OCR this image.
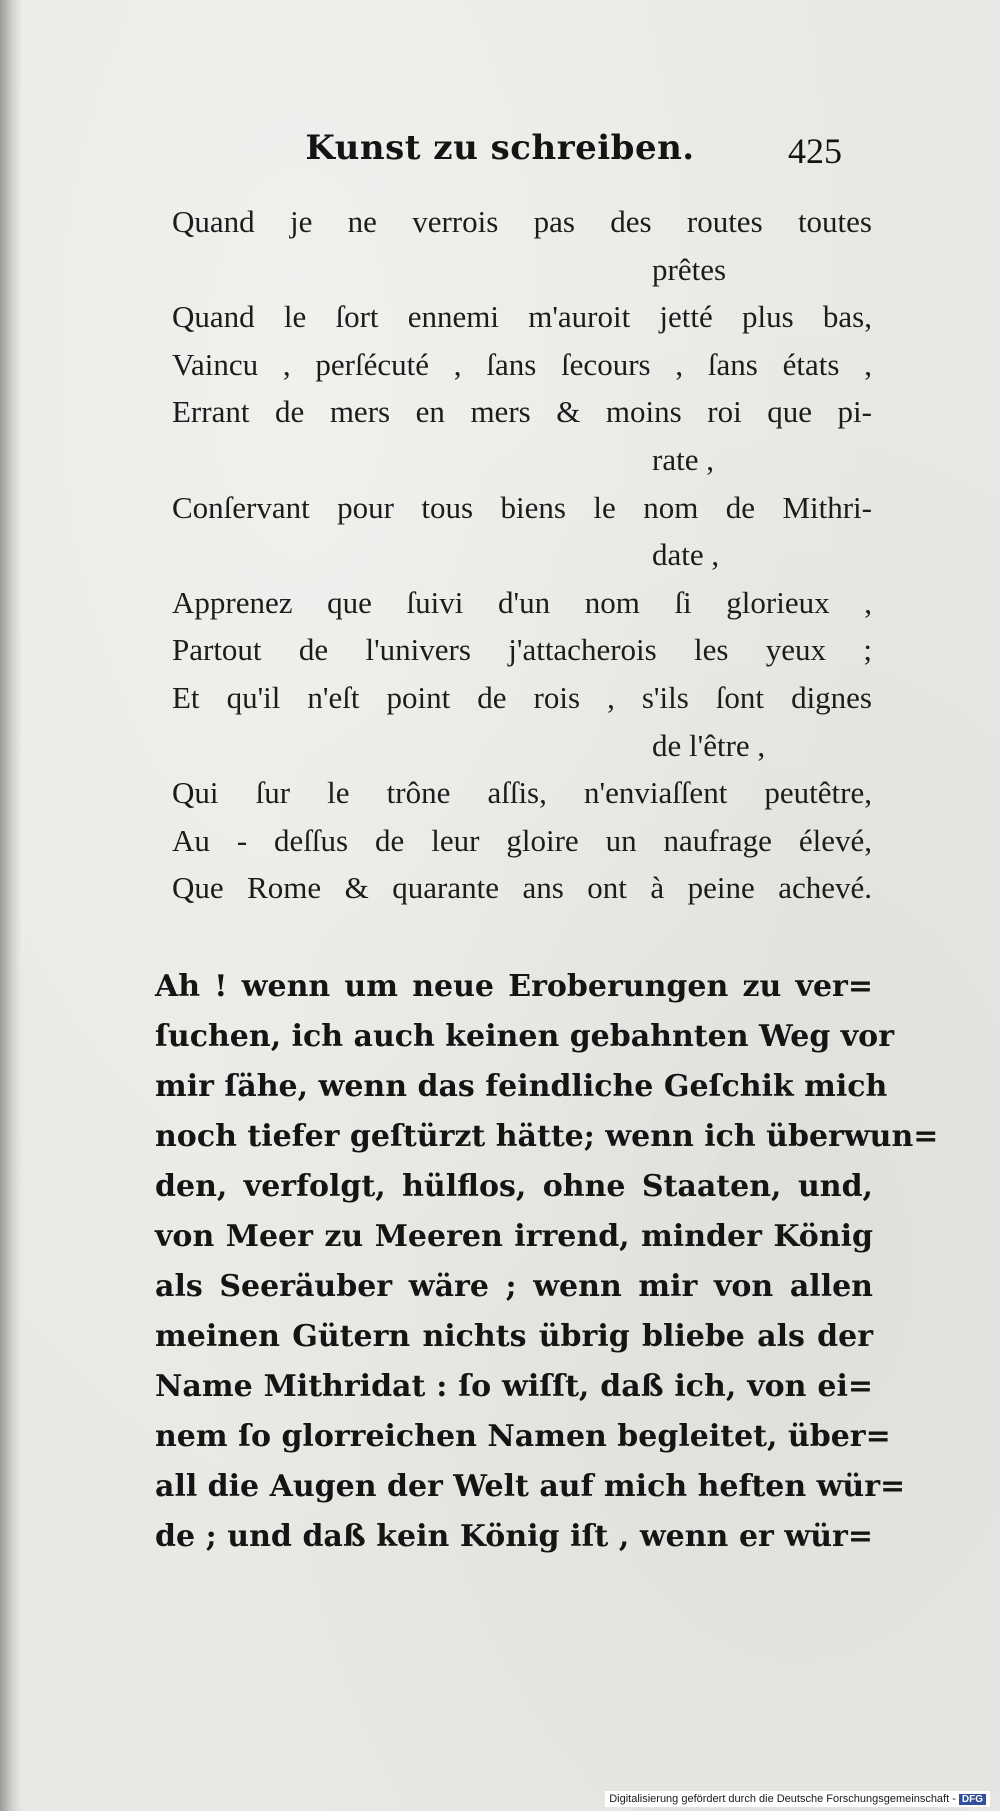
Kunst zu schreiben.	425
Quand je ne verrois pas des routes toutes
prêtes
Quand le ſort ennemi m'auroit jetté plus bas,
Vaincu , perſécuté , ſans ſecours , ſans états ,
Errant de mers en mers & moins roi que pi-
rate ,
Conſervant pour tous biens le nom de Mithri-
date ,
Apprenez que ſuivi d'un nom ſi glorieux ,
Partout de l'univers j'attacherois les yeux ;
Et qu'il n'eſt point de rois , s'ils ſont dignes
de l'être ,
Qui ſur le trône aſſis, n'enviaſſent peutêtre,
Au - deſſus de leur gloire un naufrage élevé,
Que Rome & quarante ans ont à peine achevé.
Ah ! wenn um neue Eroberungen zu ver=
ſuchen, ich auch keinen gebahnten Weg vor
mir ſähe, wenn das feindliche Geſchik mich
noch tiefer geſtürzt hätte; wenn ich überwun=
den, verfolgt, hülflos, ohne Staaten, und,
von Meer zu Meeren irrend, minder König
als Seeräuber wäre ; wenn mir von allen
meinen Gütern nichts übrig bliebe als der
Name Mithridat : ſo wiſſt, daß ich, von ei=
nem ſo glorreichen Namen begleitet, über=
all die Augen der Welt auf mich heften wür=
de ; und daß kein König iſt , wenn er wür=
Digitalisierung gefördert durch die Deutsche Forschungsgemeinschaft - DFG
